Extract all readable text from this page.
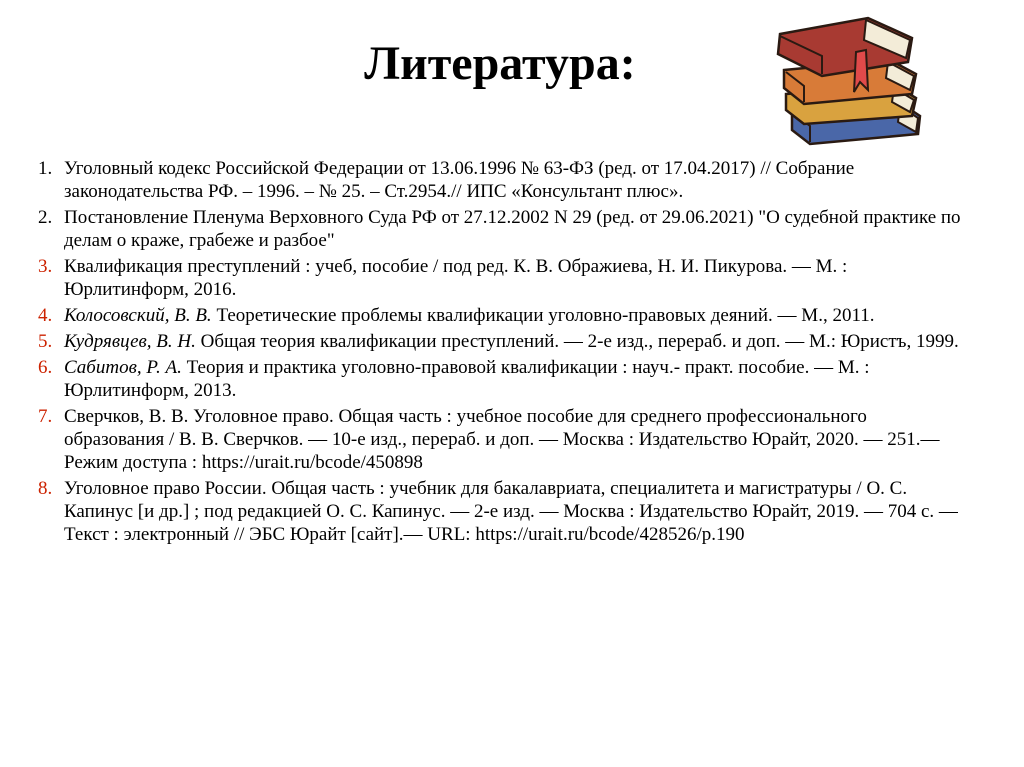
Литература:
1. Уголовный кодекс Российской Федерации от 13.06.1996 № 63-ФЗ (ред. от 17.04.2017) // Собрание законодательства РФ. – 1996. – № 25. – Ст.2954.// ИПС «Консультант плюс».
2. Постановление Пленума Верховного Суда РФ от 27.12.2002 N 29 (ред. от 29.06.2021) "О судебной практике по делам о краже, грабеже и разбое"
3. Квалификация преступлений : учеб, пособие / под ред. К. В. Ображиева, Н. И. Пикурова. — М. : Юрлитинформ, 2016.
4. Колосовский, В. В. Теоретические проблемы квалификации уголовно-правовых деяний. — М., 2011.
5. Кудрявцев, В. Н. Общая теория квалификации преступлений. — 2-е изд., перераб. и доп. — М.: Юристъ, 1999.
6. Сабитов, Р. А. Теория и практика уголовно-правовой квалификации : науч.- практ. пособие. — М. : Юрлитинформ, 2013.
7. Сверчков, В. В. Уголовное право. Общая часть : учебное пособие для среднего профессионального образования / В. В. Сверчков. — 10-е изд., перераб. и доп. — Москва : Издательство Юрайт, 2020. — 251.— Режим доступа : https://urait.ru/bcode/450898
8. Уголовное право России. Общая часть : учебник для бакалавриата, специалитета и магистратуры / О. С. Капинус [и др.] ; под редакцией О. С. Капинус. — 2-е изд. — Москва : Издательство Юрайт, 2019. — 704 с. — Текст : электронный // ЭБС Юрайт [сайт].— URL: https://urait.ru/bcode/428526/p.190
